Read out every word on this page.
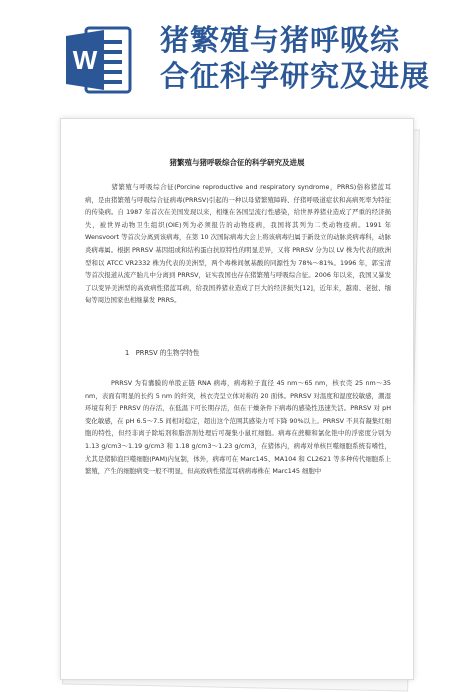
W
猪繁殖与猪呼吸综
合征科学研究及进展
猪繁殖与猪呼吸综合征的科学研究及进展
猪繁殖与呼吸综合征(Porcine reproductive and respiratory syndrome，PRRS)俗称猪蓝耳病，是由猪繁殖与呼吸综合征病毒(PRRSV)引起的一种以母猪繁殖障碍、仔猪呼吸道症状和高病死率为特征的传染病。自 1987 年首次在美国发现以来，相继在各国呈流行性感染，给世界养猪业造成了严重的经济损失，被世界动物卫生组织(OIE)列为必须报告的动物疫病，我国将其列为二类动物疫病。1991 年 Wensvoort 等首次分离到该病毒，在第 10 次国际病毒大会上将该病毒归属于新设立的动脉炎病毒科，动脉炎病毒属。根据 PRRSV 基因组或和结构蛋白抗原特性的明显差异，又将 PRRSV 分为以 LV 株为代表的欧洲型和以 ATCC VR2332 株为代表的美洲型，两个毒株间氨基酸的同源性为 78%～81%。1996 年，郭宝清等首次报道从流产胎儿中分离到 PRRSV，证实我国也存在猪繁殖与呼吸综合征。2006 年以来，我国又暴发了以变异美洲型的高致病性猪蓝耳病，给我国养猪业造成了巨大的经济损失[12]，近年来，越南、老挝、缅甸等周边国家也相继暴发 PRRS。
1　PRRSV 的生物学特性
PRRSV 为有囊膜的单股正链 RNA 病毒，病毒粒子直径 45 nm～65 nm，核衣壳 25 nm～35 nm，表面有明显的长约 5 nm 的纤突，核衣壳呈立体对称的 20 面体。PRRSV 对温度和湿度较敏感，潮湿环境有利于 PRRSV 的存活，在低温下可长期存活，但在干燥条件下病毒的感染性迅速失活。PRRSV 对 pH 变化敏感，在 pH 6.5～7.5 间相对稳定，超出这个范围其感染力可下降 90%以上。PRRSV 不具有凝集红细胞的特性，但经非离子除垢剂和脂溶剂处理后可凝集小鼠红细胞。病毒在蔗糖和氯化铯中的浮密度分别为 1.13 g/cm3～1.19 g/cm3 和 1.18 g/cm3～1.23 g/cm3，在猪体内，病毒对单核巨噬细胞系统有嗜性，尤其是猪肺泡巨噬细胞(PAM)内复制，体外，病毒可在 Marc145、MA104 和 CL2621 等多种传代细胞系上繁殖，产生的细胞病变一般不明显，但高致病性猪蓝耳病病毒株在 Marc145 细胞中
